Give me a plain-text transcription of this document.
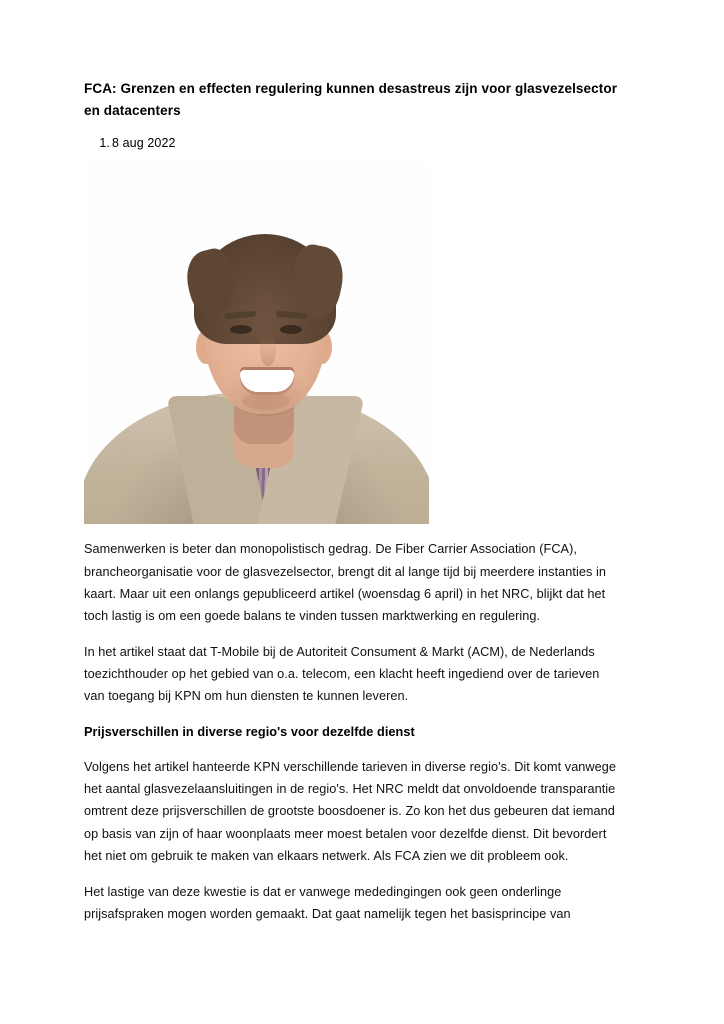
FCA: Grenzen en effecten regulering kunnen desastreus zijn voor glasvezelsector en datacenters
1. 8 aug 2022

Samenwerken is beter dan monopolistisch gedrag. De Fiber Carrier Association (FCA), brancheorganisatie voor de glasvezelsector, brengt dit al lange tijd bij meerdere instanties in kaart. Maar uit een onlangs gepubliceerd artikel (woensdag 6 april) in het NRC, blijkt dat het toch lastig is om een goede balans te vinden tussen marktwerking en regulering.

In het artikel staat dat T-Mobile bij de Autoriteit Consument & Markt (ACM), de Nederlands toezichthouder op het gebied van o.a. telecom, een klacht heeft ingediend over de tarieven van toegang bij KPN om hun diensten te kunnen leveren.

Prijsverschillen in diverse regio's voor dezelfde dienst

Volgens het artikel hanteerde KPN verschillende tarieven in diverse regio's. Dit komt vanwege het aantal glasvezelaansluitingen in de regio's. Het NRC meldt dat onvoldoende transparantie omtrent deze prijsverschillen de grootste boosdoener is. Zo kon het dus gebeuren dat iemand op basis van zijn of haar woonplaats meer moest betalen voor dezelfde dienst. Dit bevordert het niet om gebruik te maken van elkaars netwerk. Als FCA zien we dit probleem ook.

Het lastige van deze kwestie is dat er vanwege mededingingen ook geen onderlinge prijsafspraken mogen worden gemaakt. Dat gaat namelijk tegen het basisprincipe van
